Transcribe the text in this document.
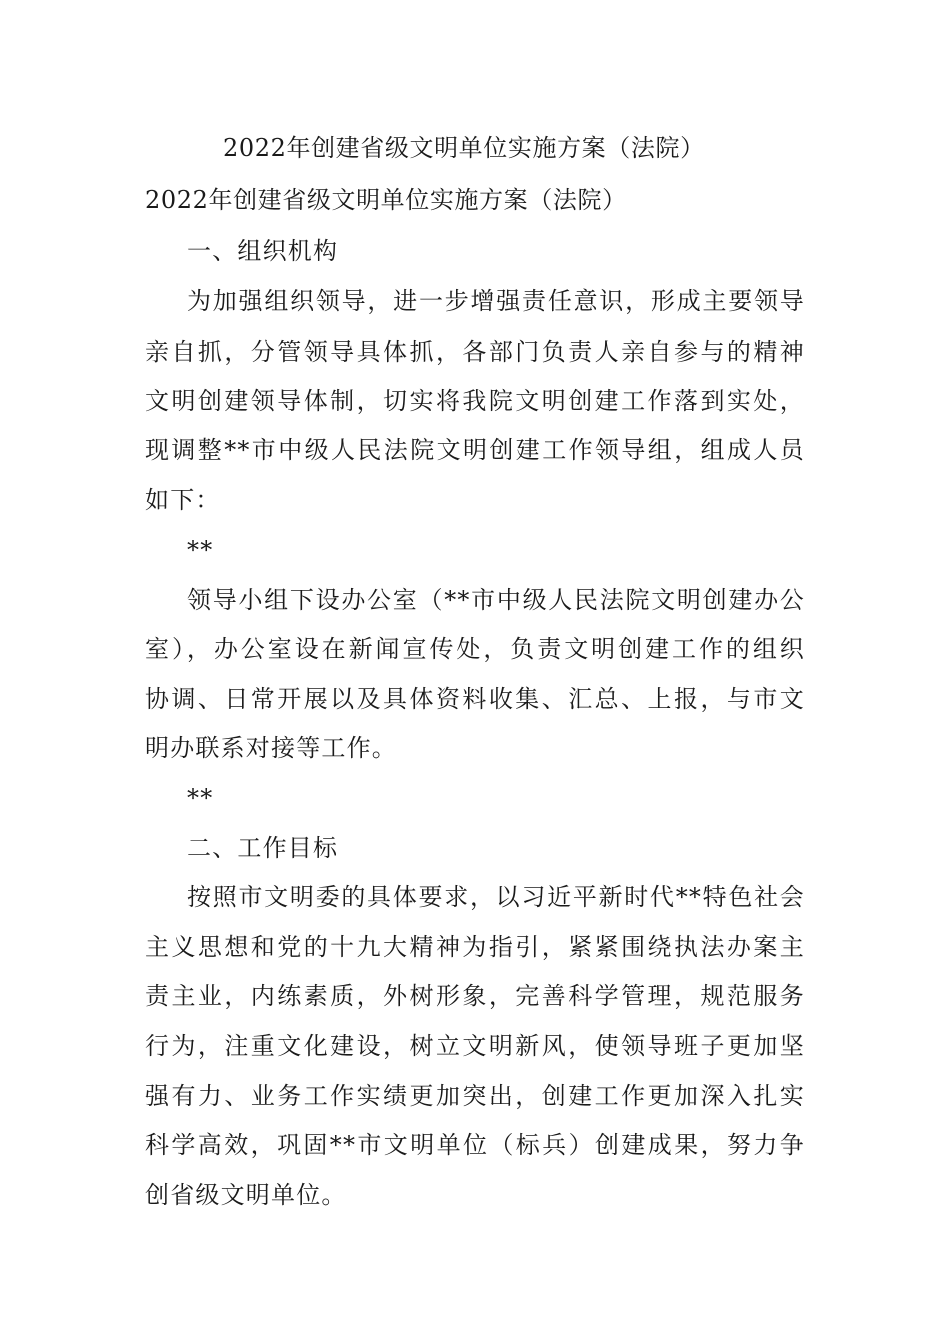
2022年创建省级文明单位实施方案（法院）
2022年创建省级文明单位实施方案（法院）
一、组织机构
为加强组织领导，进一步增强责任意识，形成主要领导
亲自抓，分管领导具体抓，各部门负责人亲自参与的精神
文明创建领导体制，切实将我院文明创建工作落到实处，
现调整**市中级人民法院文明创建工作领导组，组成人员
如下：
**
领导小组下设办公室（**市中级人民法院文明创建办公
室），办公室设在新闻宣传处，负责文明创建工作的组织
协调、日常开展以及具体资料收集、汇总、上报，与市文
明办联系对接等工作。
**
二、工作目标
按照市文明委的具体要求，以习近平新时代**特色社会
主义思想和党的十九大精神为指引，紧紧围绕执法办案主
责主业，内练素质，外树形象，完善科学管理，规范服务
行为，注重文化建设，树立文明新风，使领导班子更加坚
强有力、业务工作实绩更加突出，创建工作更加深入扎实
科学高效，巩固**市文明单位（标兵）创建成果，努力争
创省级文明单位。
